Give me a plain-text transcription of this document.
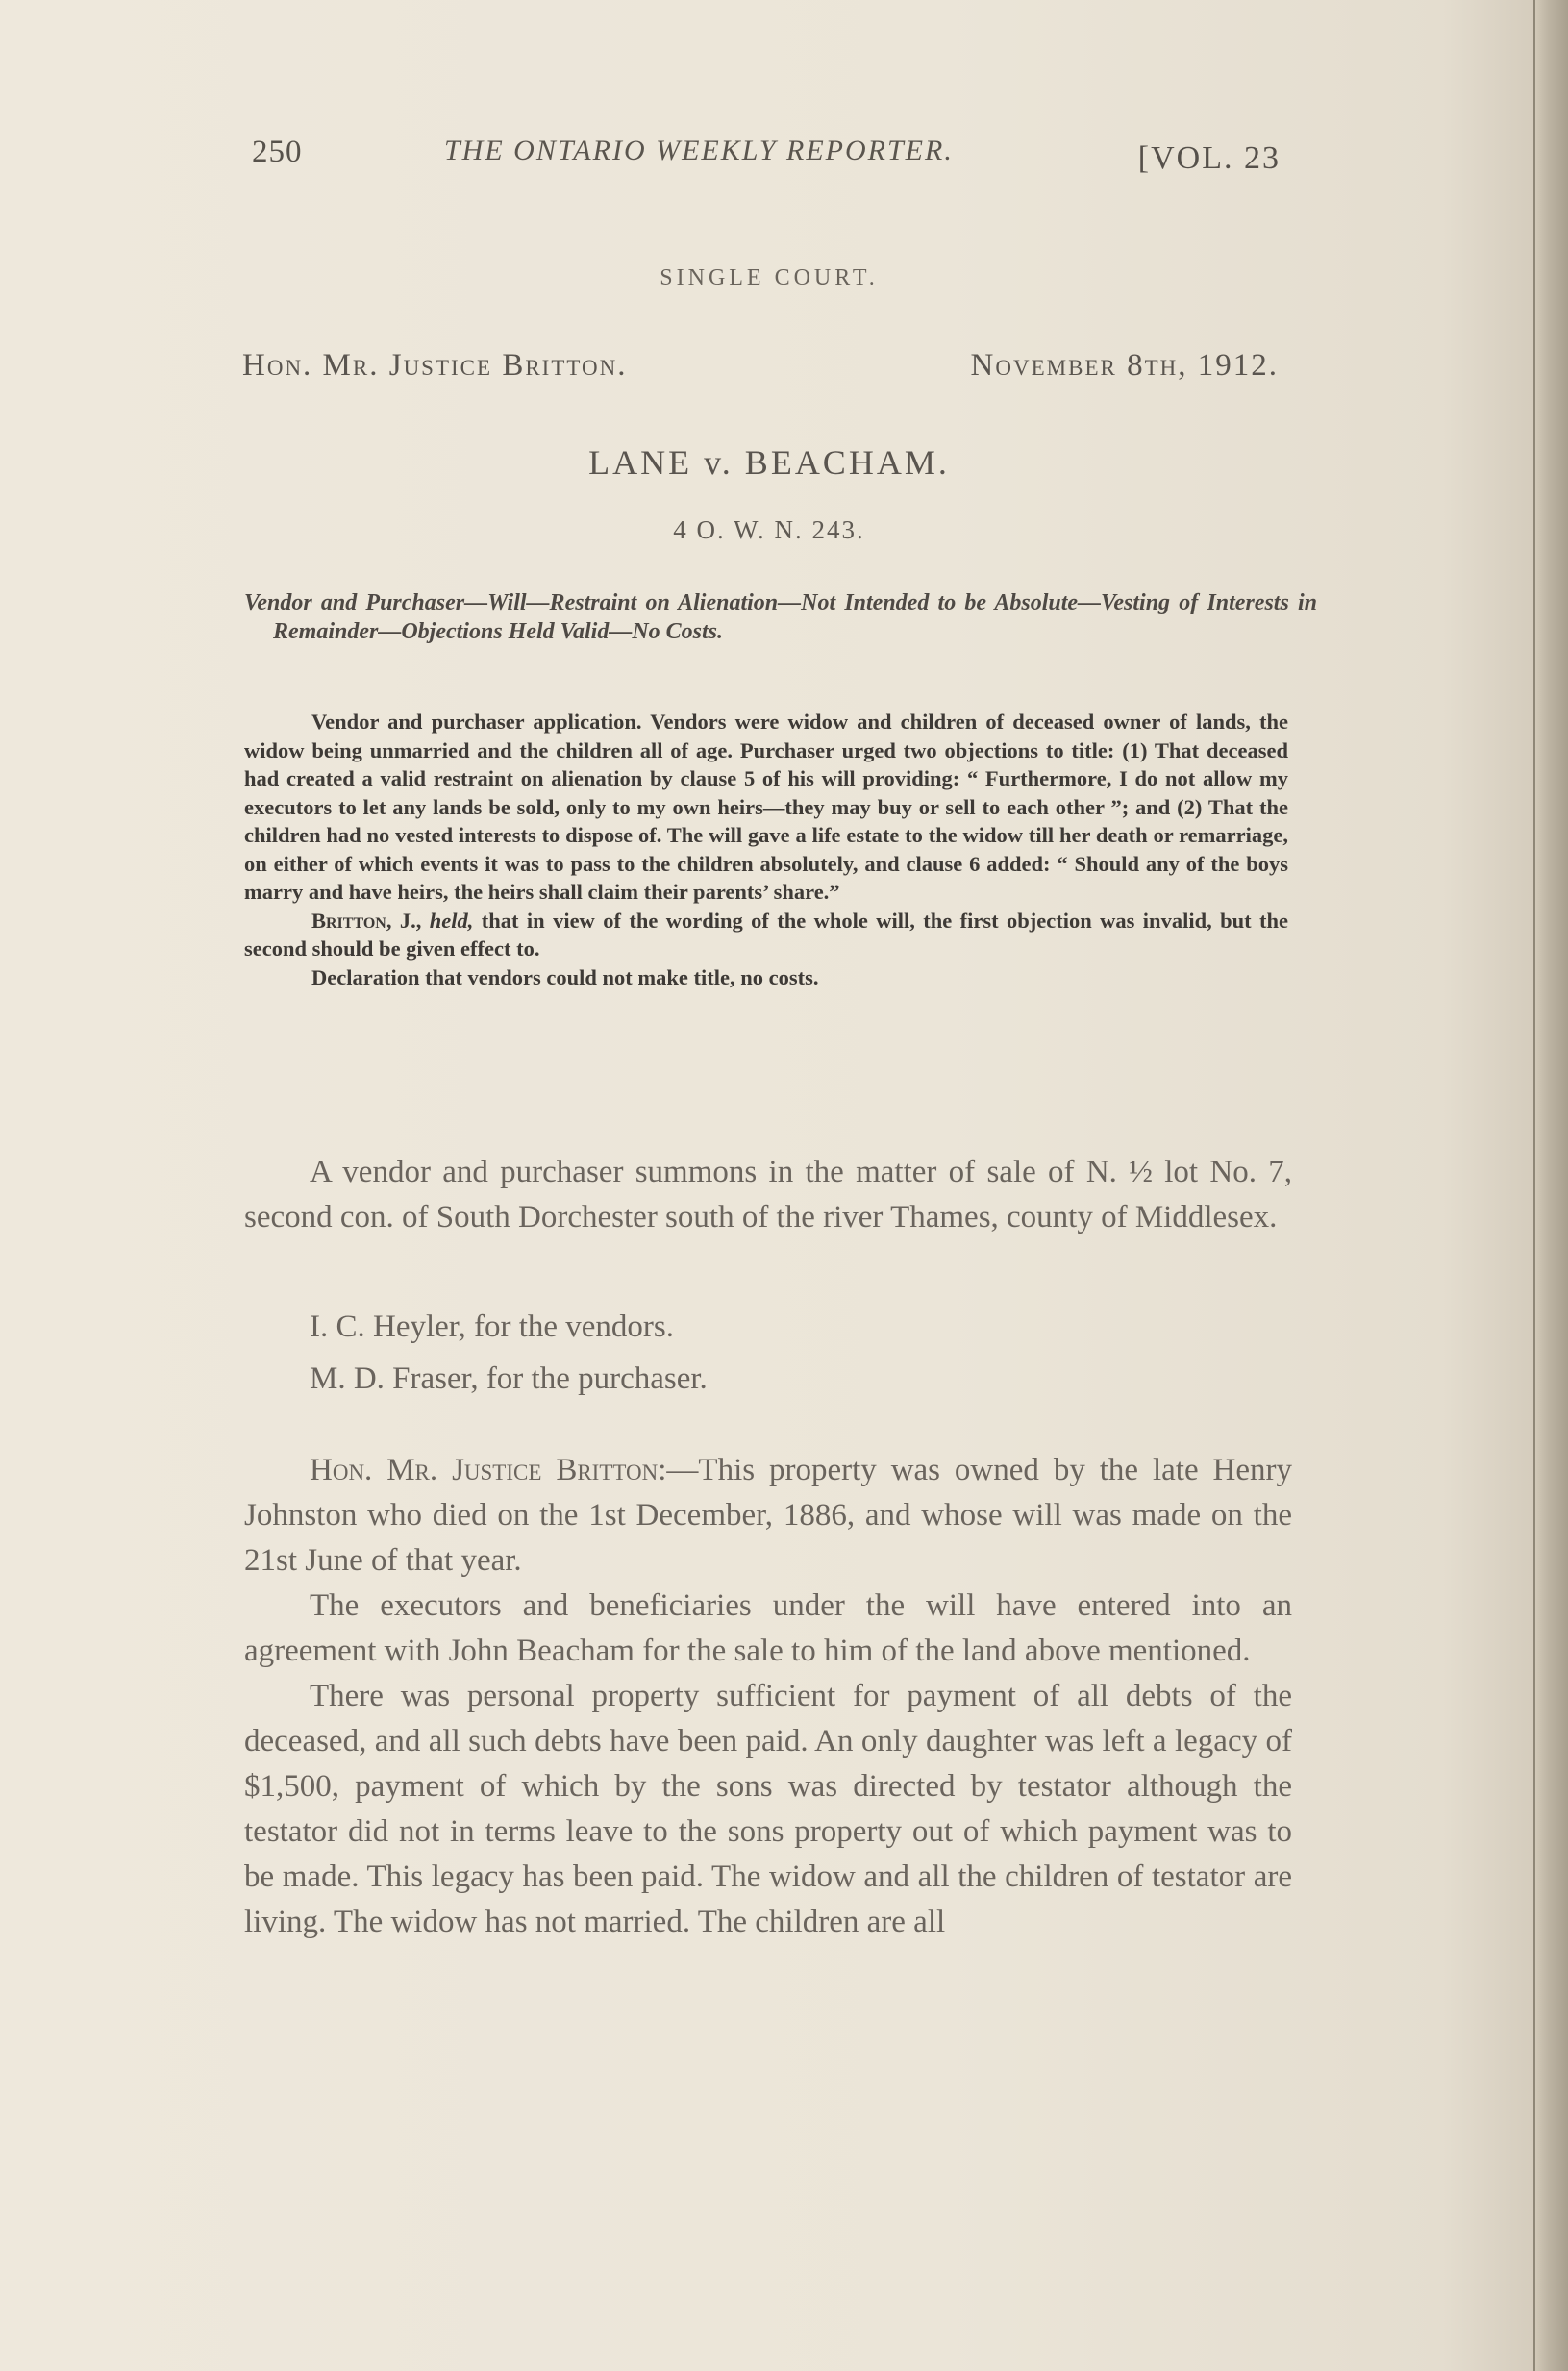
250	THE ONTARIO WEEKLY REPORTER.	[VOL. 23
SINGLE COURT.
Hon. Mr. Justice Britton.	November 8th, 1912.
LANE v. BEACHAM.
4 O. W. N. 243.
Vendor and Purchaser—Will—Restraint on Alienation—Not Intended to be Absolute—Vesting of Interests in Remainder—Objections Held Valid—No Costs.

Vendor and purchaser application. Vendors were widow and children of deceased owner of lands, the widow being unmarried and the children all of age. Purchaser urged two objections to title: (1) That deceased had created a valid restraint on alienation by clause 5 of his will providing: “ Furthermore, I do not allow my executors to let any lands be sold, only to my own heirs—they may buy or sell to each other ”; and (2) That the children had no vested interests to dispose of. The will gave a life estate to the widow till her death or remarriage, on either of which events it was to pass to the children absolutely, and clause 6 added: “ Should any of the boys marry and have heirs, the heirs shall claim their parents’ share.”

Britton, J., held, that in view of the wording of the whole will, the first objection was invalid, but the second should be given effect to.

Declaration that vendors could not make title, no costs.

A vendor and purchaser summons in the matter of sale of N. ½ lot No. 7, second con. of South Dorchester south of the river Thames, county of Middlesex.

I. C. Heyler, for the vendors.
M. D. Fraser, for the purchaser.

Hon. Mr. Justice Britton:—This property was owned by the late Henry Johnston who died on the 1st December, 1886, and whose will was made on the 21st June of that year.

The executors and beneficiaries under the will have entered into an agreement with John Beacham for the sale to him of the land above mentioned.

There was personal property sufficient for payment of all debts of the deceased, and all such debts have been paid. An only daughter was left a legacy of $1,500, payment of which by the sons was directed by testator although the testator did not in terms leave to the sons property out of which payment was to be made. This legacy has been paid. The widow and all the children of testator are living. The widow has not married. The children are all
